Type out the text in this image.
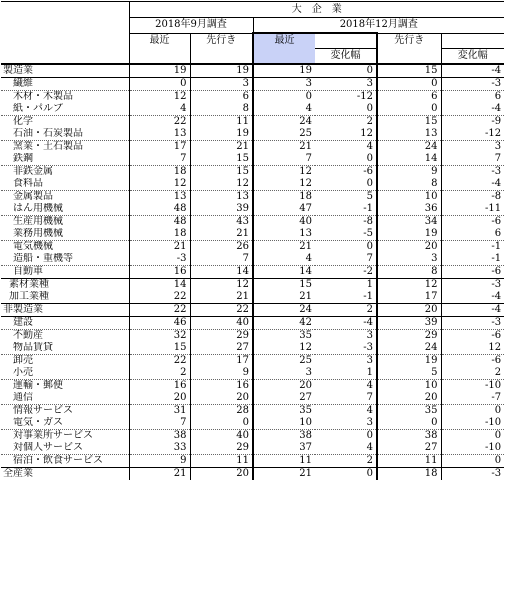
	大　企　業					
	2018年9月調査		2018年12月調査			
	最近	先行き	最近		先行き	
				変化幅		変化幅
製造業	19	19	19	0	15	-4
繊維	0	3	3	3	0	-3
木材・木製品	12	6	0	-12	6	6
紙・パルプ	4	8	4	0	0	-4
化学	22	11	24	2	15	-9
石油・石炭製品	13	19	25	12	13	-12
窯業・土石製品	17	21	21	4	24	3
鉄鋼	7	15	7	0	14	7
非鉄金属	18	15	12	-6	9	-3
食料品	12	12	12	0	8	-4
金属製品	13	13	18	5	10	-8
はん用機械	48	39	47	-1	36	-11
生産用機械	48	43	40	-8	34	-6
業務用機械	18	21	13	-5	19	6
電気機械	21	26	21	0	20	-1
造船・重機等	-3	7	4	7	3	-1
自動車	16	14	14	-2	8	-6
素材業種	14	12	15	1	12	-3
加工業種	22	21	21	-1	17	-4
非製造業	22	22	24	2	20	-4
建設	46	40	42	-4	39	-3
不動産	32	29	35	3	29	-6
物品賃貸	15	27	12	-3	24	12
卸売	22	17	25	3	19	-6
小売	2	9	3	1	5	2
運輸・郵便	16	16	20	4	10	-10
通信	20	20	27	7	20	-7
情報サービス	31	28	35	4	35	0
電気・ガス	7	0	10	3	0	-10
対事業所サービス	38	40	38	0	38	0
対個人サービス	33	29	37	4	27	-10
宿泊・飲食サービス	9	11	11	2	11	0
全産業	21	20	21	0	18	-3
